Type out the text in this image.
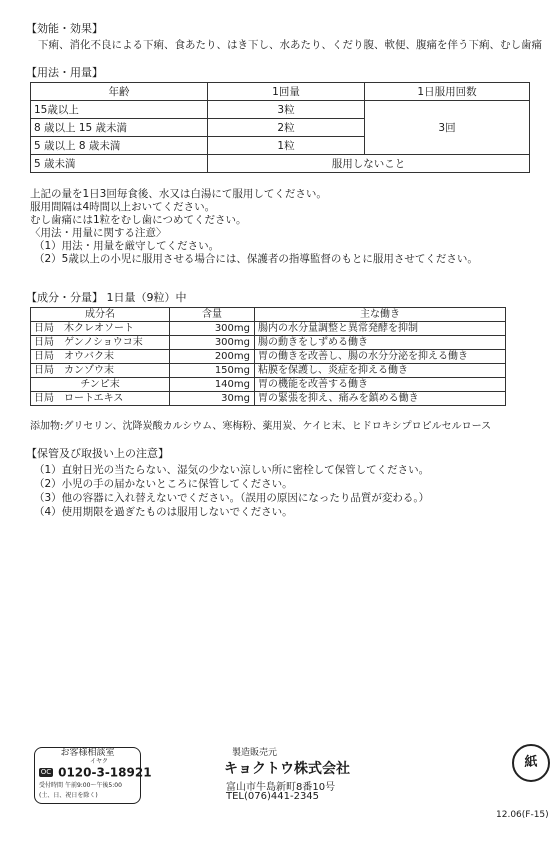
【効能・効果】
下痢、消化不良による下痢、食あたり、はき下し、水あたり、くだり腹、軟便、腹痛を伴う下痢、むし歯痛
【用法・用量】
年齢	1回量	1日服用回数
15歳以上	3粒	3回
8 歳以上 15 歳未満	2粒	
5 歳以上 8 歳未満	1粒	
5 歳未満	服用しないこと	
上記の量を1日3回毎食後、水又は白湯にて服用してください。
服用間隔は4時間以上おいてください。
むし歯痛には1粒をむし歯につめてください。
〈用法・用量に関する注意〉
（1）用法・用量を厳守してください。
（2）5歳以上の小児に服用させる場合には、保護者の指導監督のもとに服用させてください。
【成分・分量】 1日量（9粒）中
成分名	含量	主な働き
日局　木クレオソート	300mg	腸内の水分量調整と異常発酵を抑制
日局　ゲンノショウコ末	300mg	腸の動きをしずめる働き
日局　オウバク末	200mg	胃の働きを改善し、腸の水分分泌を抑える働き
日局　カンゾウ末	150mg	粘膜を保護し、炎症を抑える働き
チンピ末	140mg	胃の機能を改善する働き
日局　ロートエキス	30mg	胃の緊張を抑え、痛みを鎮める働き
添加物:グリセリン、沈降炭酸カルシウム、寒梅粉、薬用炭、ケイヒ末、ヒドロキシプロピルセルロース
【保管及び取扱い上の注意】
（1）直射日光の当たらない、湿気の少ない涼しい所に密栓して保管してください。
（2）小児の手の届かないところに保管してください。
（3）他の容器に入れ替えないでください。（誤用の原因になったり品質が変わる。）
（4）使用期限を過ぎたものは服用しないでください。
お客様相談室
イヤク
OC 0120-3-18921
受付時間 午前9:00～午後5:00
(土、日、祝日を除く)
製造販売元
キョクトウ株式会社
富山市牛島新町8番10号
TEL(076)441-2345
紙
12.06(F-15)
